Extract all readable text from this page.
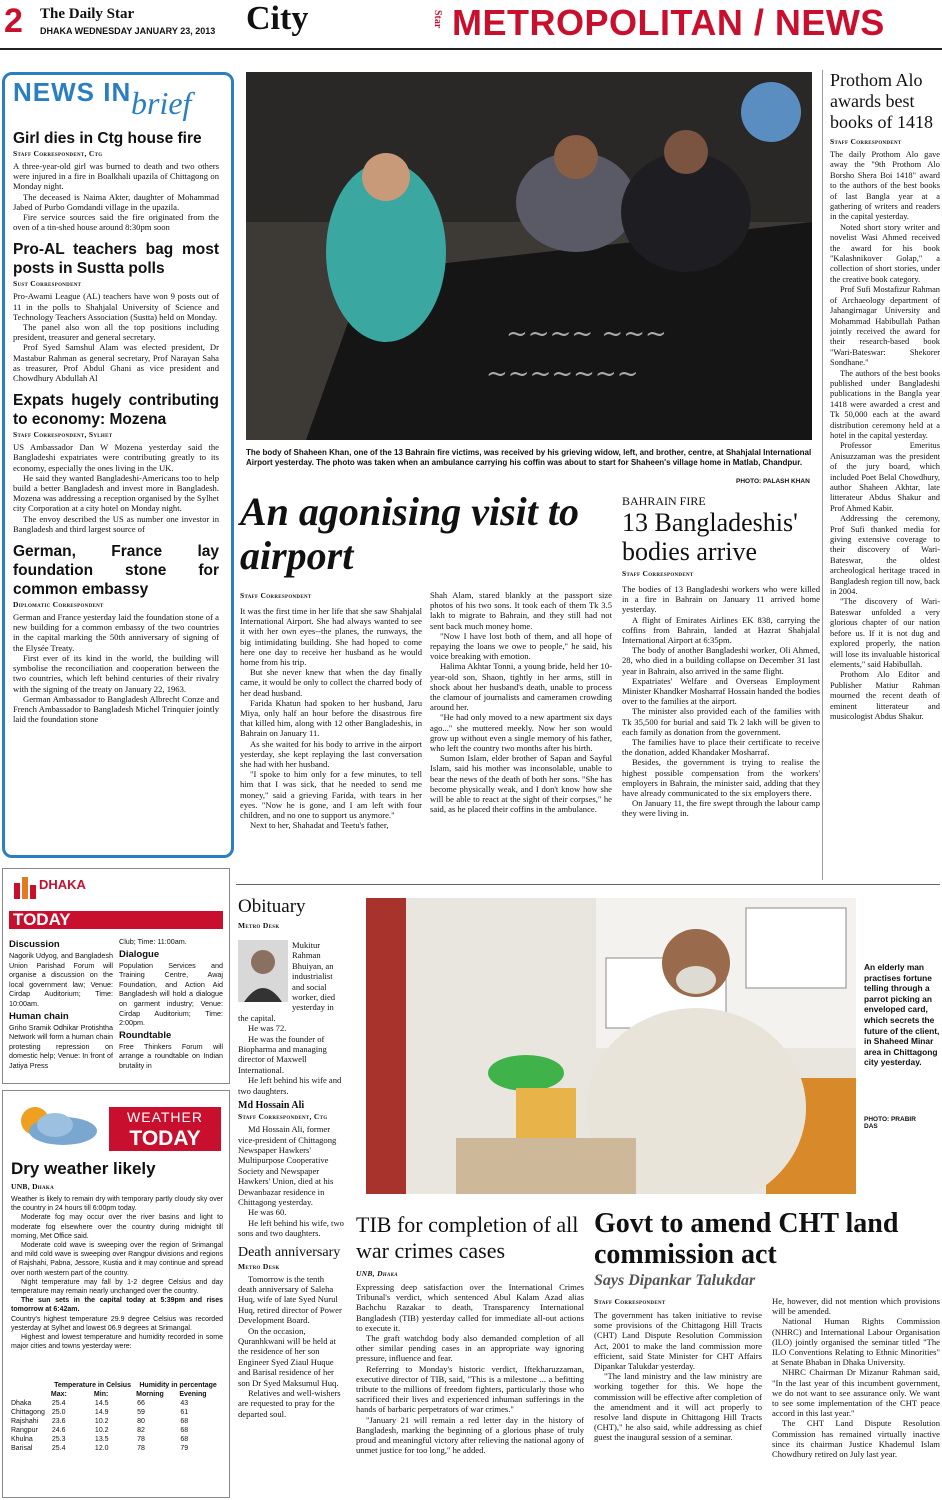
2 The Daily Star
DHAKA WEDNESDAY JANUARY 23, 2013 City	Star METROPOLITAN / NEWS
NEWS IN brief
Girl dies in Ctg house fire
Staff Correspondent, Ctg

A three-year-old girl was burned to death and two others were injured in a fire in Boalkhali upazila of Chittagong on Monday night.

The deceased is Naima Akter, daughter of Mohammad Jabed of Purbo Gomdandi village in the upazila.

Fire service sources said the fire originated from the oven of a tin-shed house around 8:30pm soon

Pro-AL teachers bag most posts in Sustta polls
Sust Correspondent

Pro-Awami League (AL) teachers have won 9 posts out of 11 in the polls to Shahjalal University of Science and Technology Teachers Association (Sustta) held on Monday.

The panel also won all the top positions including president, treasurer and general secretary.

Prof Syed Samshul Alam was elected president, Dr Mastabur Rahman as general secretary, Prof Narayan Saha as treasurer, Prof Abdul Ghani as vice president and Chowdhury Abdullah Al

Expats hugely contributing to economy: Mozena
Staff Correspondent, Sylhet

US Ambassador Dan W Mozena yesterday said the Bangladeshi expatriates were contributing greatly to its economy, especially the ones living in the UK.

He said they wanted Bangladeshi-Americans too to help build a better Bangladesh and invest more in Bangladesh. Mozena was addressing a reception organised by the Sylhet city Corporation at a city hotel on Monday night.

The envoy described the US as number one investor in Bangladesh and third largest source of

German, France lay foundation stone for common embassy
Diplomatic Correspondent

German and France yesterday laid the foundation stone of a new building for a common embassy of the two countries in the capital marking the 50th anniversary of signing of the Elysée Treaty.

First ever of its kind in the world, the building will symbolise the reconciliation and cooperation between the two countries, which left behind centuries of their rivalry with the signing of the treaty on January 22, 1963.

German Ambassador to Bangladesh Albrecht Conze and French Ambassador to Bangladesh Michel Trinquier jointly laid the foundation stone

DHAKA
TODAY
Discussion
Nagorik Udyog, and Bangladesh Union Parishad Forum will organise a discussion on the local government law; Venue: Cirdap Auditorium; Time: 10:00am.
Human chain
Griho Sramik Odhikar Protishtha Network will form a human chain protesting repression on domestic help; Venue: In front of Jatiya Press
Club; Time: 11:00am.
Dialogue
Population Services and Training Centre, Awaj Foundation, and Action Aid Bangladesh will hold a dialogue on garment industry; Venue: Cirdap Auditorium; Time: 2:00pm.
Roundtable
Free Thinkers Forum will arrange a roundtable on Indian brutality in
WEATHER
TODAY
Dry weather likely
UNB, Dhaka

Weather is likely to remain dry with temporary partly cloudy sky over the country in 24 hours till 6:00pm today.

Moderate fog may occur over the river basins and light to moderate fog elsewhere over the country during midnight till morning, Met Office said.

Moderate cold wave is sweeping over the region of Srimangal and mild cold wave is sweeping over Rangpur divisions and regions of Rajshahi, Pabna, Jessore, Kustia and it may continue and spread over north western part of the country.

Night temperature may fall by 1-2 degree Celsius and day temperature may remain nearly unchanged over the country.

The sun sets in the capital today at 5:39pm and rises tomorrow at 6:42am.

Country's highest temperature 29.9 degree Celsius was recorded yesterday at Sylhet and lowest 06.9 degrees at Srimangal.

Highest and lowest temperature and humidity recorded in some major cities and towns yesterday were:

	Temperature in Celsius		Humidity in percentage	
	Max:	Min:	Morning	Evening
Dhaka	25.4	14.5	66	43
Chittagong	25.0	14.9	59	61
Rajshahi	23.6	10.2	80	68
Rangpur	24.6	10.2	82	68
Khulna	25.3	13.5	78	68
Barisal	25.4	12.0	78	79
~~~~ ~~~
~~~~~~~
The body of Shaheen Khan, one of the 13 Bahrain fire victims, was received by his grieving widow, left, and brother, centre, at Shahjalal International Airport yesterday. The photo was taken when an ambulance carrying his coffin was about to start for Shaheen's village home in Matlab, Chandpur.
PHOTO: PALASH KHAN
An agonising visit to airport
Staff Correspondent

It was the first time in her life that she saw Shahjalal International Airport. She had always wanted to see it with her own eyes--the planes, the runways, the big intimidating building. She had hoped to come here one day to receive her husband as he would home from his trip.

But she never knew that when the day finally came, it would be only to collect the charred body of her dead husband.

Farida Khatun had spoken to her husband, Jaru Miya, only half an hour before the disastrous fire that killed him, along with 12 other Bangladeshis, in Bahrain on January 11.

As she waited for his body to arrive in the airport yesterday, she kept replaying the last conversation she had with her husband.

"I spoke to him only for a few minutes, to tell him that I was sick, that he needed to send me money," said a grieving Farida, with tears in her eyes. "Now he is gone, and I am left with four children, and no one to support us anymore."

Next to her, Shahadat and Teetu's father,

Shah Alam, stared blankly at the passport size photos of his two sons. It took each of them Tk 3.5 lakh to migrate to Bahrain, and they still had not sent back much money home.

"Now I have lost both of them, and all hope of repaying the loans we owe to people," he said, his voice breaking with emotion.

Halima Akhtar Tonni, a young bride, held her 10-year-old son, Shaon, tightly in her arms, still in shock about her husband's death, unable to process the clamour of journalists and cameramen crowding around her.

"He had only moved to a new apartment six days ago..." she muttered meekly. Now her son would grow up without even a single memory of his father, who left the country two months after his birth.

Sumon Islam, elder brother of Sapan and Sayful Islam, said his mother was inconsolable, unable to bear the news of the death of both her sons. "She has become physically weak, and I don't know how she will be able to react at the sight of their corpses," he said, as he placed their coffins in the ambulance.

BAHRAIN FIRE
13 Bangladeshis' bodies arrive
Staff Correspondent

The bodies of 13 Bangladeshi workers who were killed in a fire in Bahrain on January 11 arrived home yesterday.

A flight of Emirates Airlines EK 838, carrying the coffins from Bahrain, landed at Hazrat Shahjalal International Airport at 6:35pm.

The body of another Bangladeshi worker, Oli Ahmed, 28, who died in a building collapse on December 31 last year in Bahrain, also arrived in the same flight.

Expatriates' Welfare and Overseas Employment Minister Khandker Mosharraf Hossain handed the bodies over to the families at the airport.

The minister also provided each of the families with Tk 35,500 for burial and said Tk 2 lakh will be given to each family as donation from the government.

The families have to place their certificate to receive the donation, added Khandaker Mosharraf.

Besides, the government is trying to realise the highest possible compensation from the workers' employers in Bahrain, the minister said, adding that they have already communicated to the six employers there.

On January 11, the fire swept through the labour camp they were living in.

Prothom Alo awards best books of 1418
Staff Correspondent

The daily Prothom Alo gave away the "9th Prothom Alo Borsho Shera Boi 1418" award to the authors of the best books of last Bangla year at a gathering of writers and readers in the capital yesterday.

Noted short story writer and novelist Wasi Ahmed received the award for his book "Kalashnikover Golap," a collection of short stories, under the creative book category.

Prof Sufi Mostafizur Rahman of Archaeology department of Jahangirnagar University and Mohammad Habibullah Pathan jointly received the award for their research-based book "Wari-Bateswar: Shekorer Sondhane."

The authors of the best books published under Bangladeshi publications in the Bangla year 1418 were awarded a crest and Tk 50,000 each at the award distribution ceremony held at a hotel in the capital yesterday.

Professor Emeritus Anisuzzaman was the president of the jury board, which included Poet Belal Chowdhury, author Shaheen Akhtar, late litterateur Abdus Shakur and Prof Ahmed Kabir.

Addressing the ceremony, Prof Sufi thanked media for giving extensive coverage to their discovery of Wari-Bateswar, the oldest archeological heritage traced in Bangladesh region till now, back in 2004.

"The discovery of Wari-Bateswar unfolded a very glorious chapter of our nation before us. If it is not dug and explored properly, the nation will lose its invaluable historical elements," said Habibullah.

Prothom Alo Editor and Publisher Matiur Rahman mourned the recent death of eminent litterateur and musicologist Abdus Shakur.

Obituary
Metro Desk

Mukitur Rahman Bhuiyan, an industrialist and social worker, died yesterday in the capital.

He was 72.

He was the founder of Biopharma and managing director of Maxwell International.

He left behind his wife and two daughters.

Md Hossain Ali
Staff Correspondent, Ctg

Md Hossain Ali, former vice-president of Chittagong Newspaper Hawkers' Multipurpose Cooperative Society and Newspaper Hawkers' Union, died at his Dewanbazar residence in Chittagong yesterday.

He was 60.

He left behind his wife, two sons and two daughters.

Death anniversary
Metro Desk

Tomorrow is the tenth death anniversary of Saleha Huq, wife of late Syed Nurul Huq, retired director of Power Development Board.

On the occasion, Quranhkwani will be held at the residence of her son Engineer Syed Ziaul Huque and Barisal residence of her son Dr Syed Maksumul Huq.

Relatives and well-wishers are requested to pray for the departed soul.

An elderly man practises fortune telling through a parrot picking an enveloped card, which secrets the future of the client, in Shaheed Minar area in Chittagong city yesterday.
PHOTO: PRABIR DAS
TIB for completion of all war crimes cases
UNB, Dhaka

Expressing deep satisfaction over the International Crimes Tribunal's verdict, which sentenced Abul Kalam Azad alias Bachchu Razakar to death, Transparency International Bangladesh (TIB) yesterday called for immediate all-out actions to execute it.

The graft watchdog body also demanded completion of all other similar pending cases in an appropriate way ignoring pressure, influence and fear.

Referring to Monday's historic verdict, Iftekharuzzaman, executive director of TIB, said, "This is a milestone ... a befitting tribute to the millions of freedom fighters, particularly those who sacrificed their lives and experienced inhuman sufferings in the hands of barbaric perpetrators of war crimes."

"January 21 will remain a red letter day in the history of Bangladesh, marking the beginning of a glorious phase of truly proud and meaningful victory after relieving the national agony of unmet justice for too long," he added.

Govt to amend CHT land commission act
Says Dipankar Talukdar
Staff Correspondent

The government has taken initiative to revise some provisions of the Chittagong Hill Tracts (CHT) Land Dispute Resolution Commission Act, 2001 to make the land commission more efficient, said State Minister for CHT Affairs Dipankar Talukdar yesterday.

"The land ministry and the law ministry are working together for this. We hope the commission will be effective after completion of the amendment and it will act properly to resolve land dispute in Chittagong Hill Tracts (CHT)," he also said, while addressing as chief guest the inaugural session of a seminar.

He, however, did not mention which provisions will be amended.

National Human Rights Commission (NHRC) and International Labour Organisation (ILO) jointly organised the seminar titled "The ILO Conventions Relating to Ethnic Minorities" at Senate Bhaban in Dhaka University.

NHRC Chairman Dr Mizanur Rahman said, "In the last year of this incumbent government, we do not want to see assurance only. We want to see some implementation of the CHT peace accord in this last year."

The CHT Land Dispute Resolution Commission has remained virtually inactive since its chairman Justice Khademul Islam Chowdhury retired on July last year.
